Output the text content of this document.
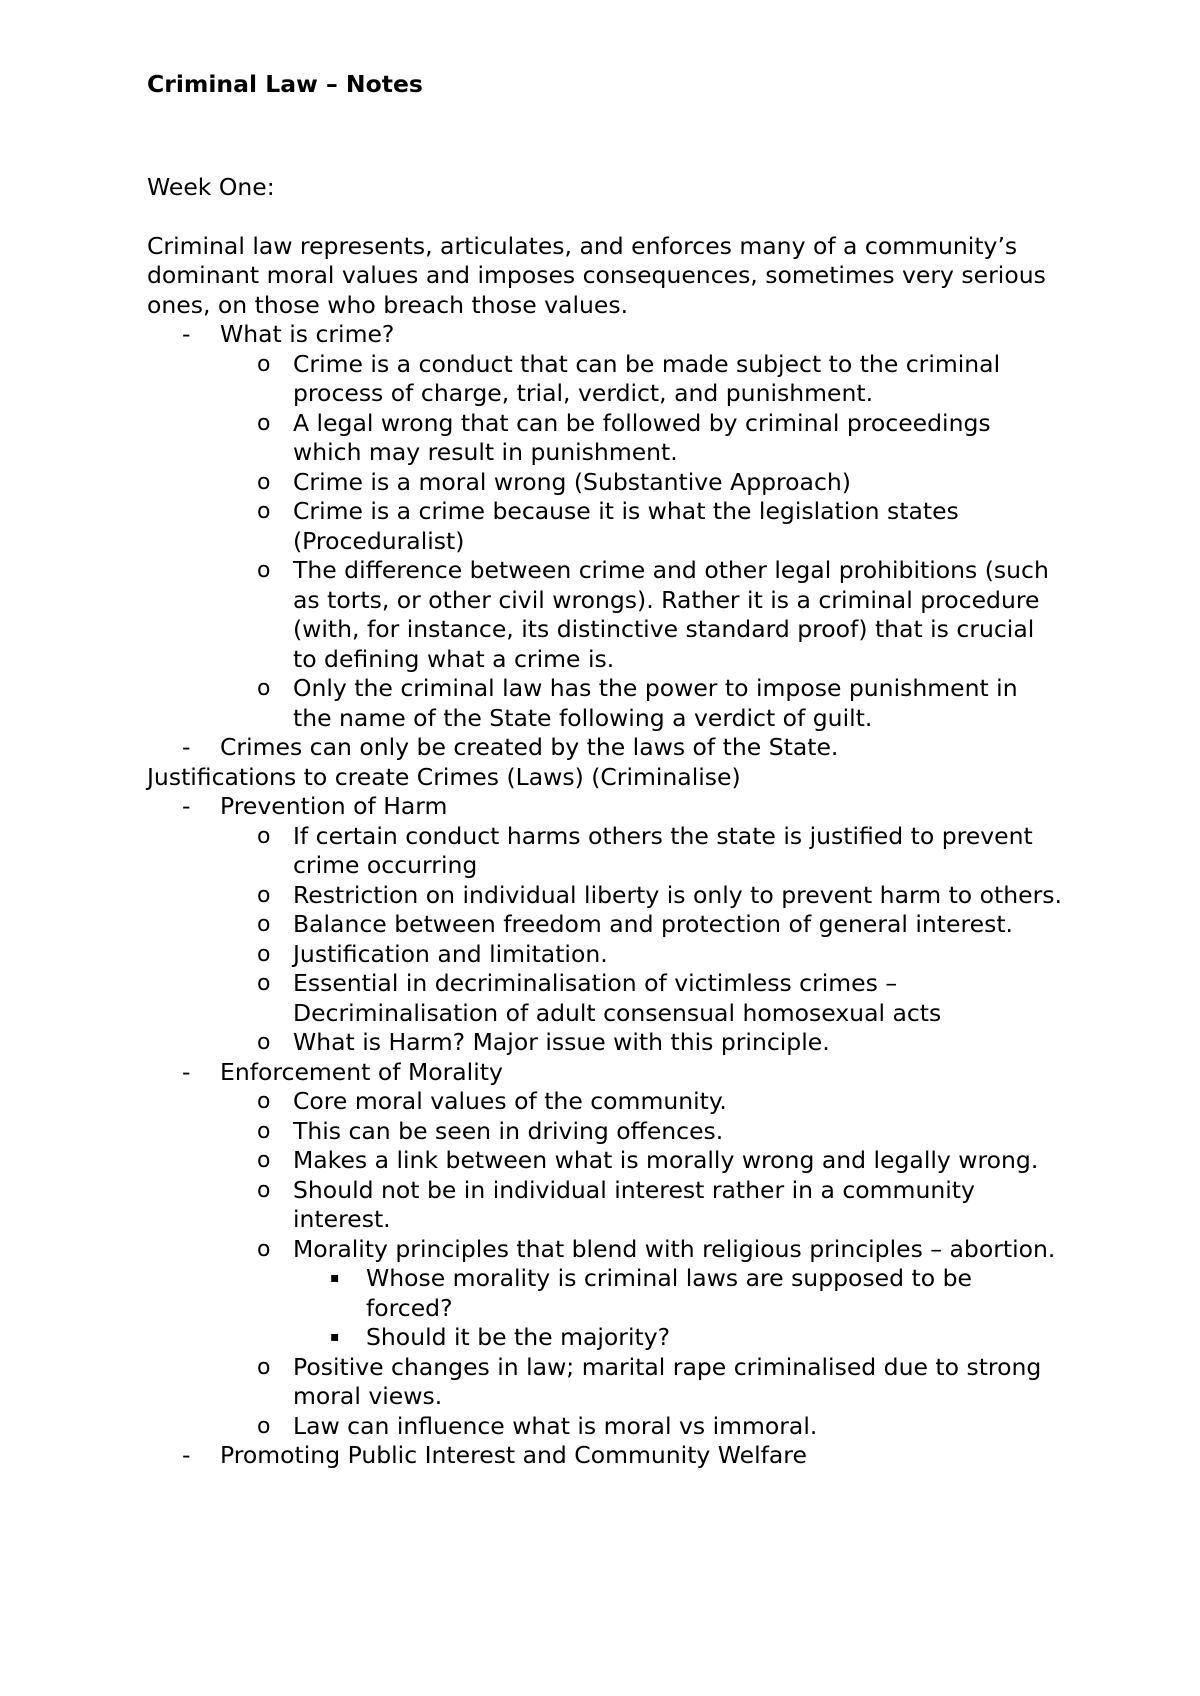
Criminal Law – Notes

Week One:
Criminal law represents, articulates, and enforces many of a community’s dominant moral values and imposes consequences, sometimes very serious ones, on those who breach those values.
- What is crime?
o Crime is a conduct that can be made subject to the criminal process of charge, trial, verdict, and punishment.
o A legal wrong that can be followed by criminal proceedings which may result in punishment.
o Crime is a moral wrong (Substantive Approach)
o Crime is a crime because it is what the legislation states (Proceduralist)
o The difference between crime and other legal prohibitions (such as torts, or other civil wrongs). Rather it is a criminal procedure (with, for instance, its distinctive standard proof) that is crucial to defining what a crime is.
o Only the criminal law has the power to impose punishment in the name of the State following a verdict of guilt.
- Crimes can only be created by the laws of the State.
Justifications to create Crimes (Laws) (Criminalise)
- Prevention of Harm
o If certain conduct harms others the state is justified to prevent crime occurring
o Restriction on individual liberty is only to prevent harm to others.
o Balance between freedom and protection of general interest.
o Justification and limitation.
o Essential in decriminalisation of victimless crimes – Decriminalisation of adult consensual homosexual acts
o What is Harm? Major issue with this principle.
- Enforcement of Morality
o Core moral values of the community.
o This can be seen in driving offences.
o Makes a link between what is morally wrong and legally wrong.
o Should not be in individual interest rather in a community interest.
o Morality principles that blend with religious principles – abortion.
▪ Whose morality is criminal laws are supposed to be forced?
▪ Should it be the majority?
o Positive changes in law; marital rape criminalised due to strong moral views.
o Law can influence what is moral vs immoral.
- Promoting Public Interest and Community Welfare
